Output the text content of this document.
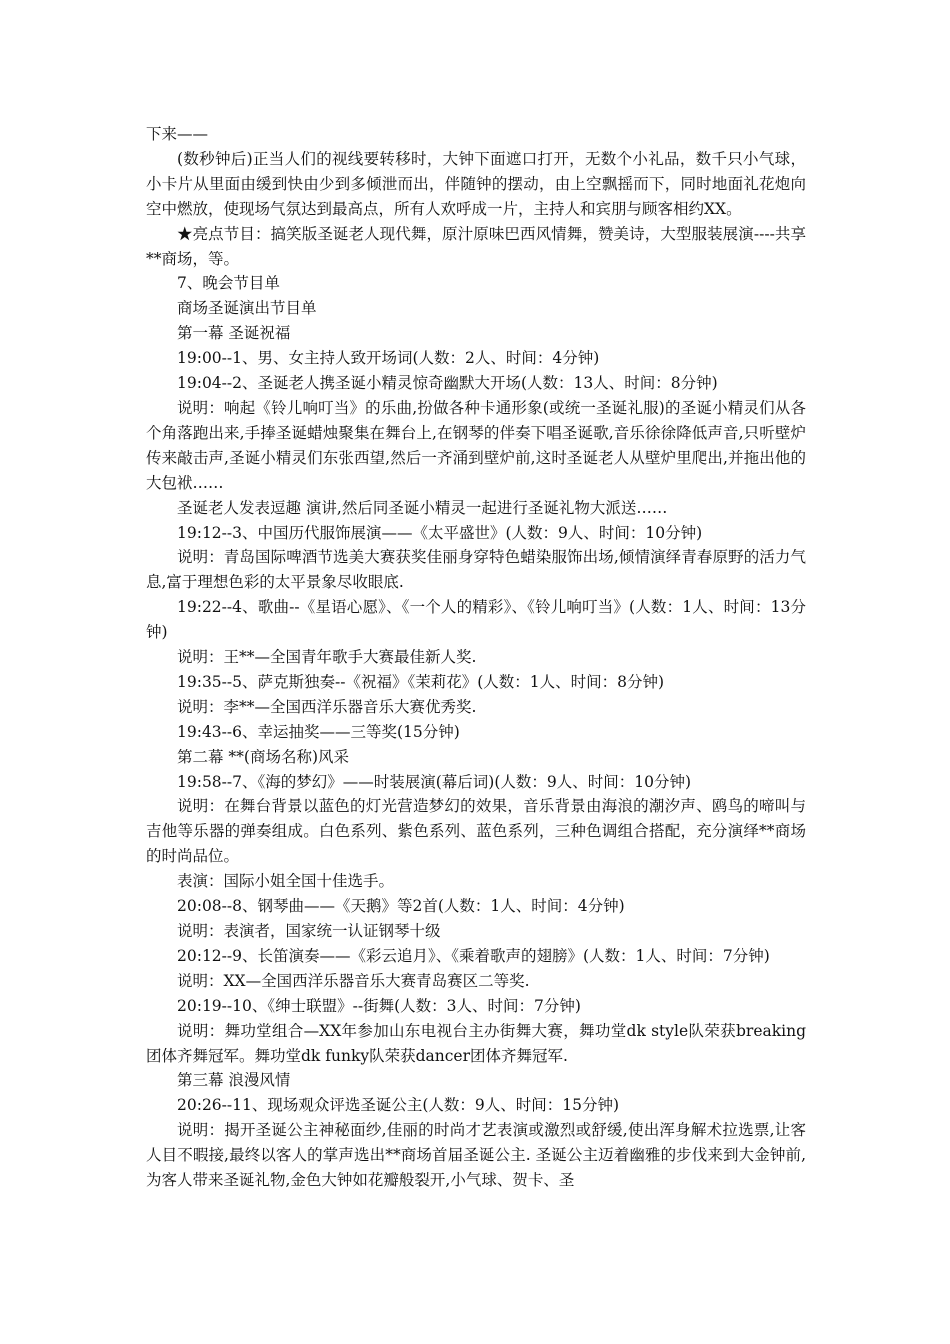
下来——

(数秒钟后)正当人们的视线要转移时，大钟下面遮口打开，无数个小礼品，数千只小气球，小卡片从里面由缓到快由少到多倾泄而出，伴随钟的摆动，由上空飘摇而下，同时地面礼花炮向空中燃放，使现场气氛达到最高点，所有人欢呼成一片，主持人和宾朋与顾客相约XX。

★亮点节目：搞笑版圣诞老人现代舞，原汁原味巴西风情舞，赞美诗，大型服装展演----共享**商场，等。

7、晚会节目单

商场圣诞演出节目单

第一幕 圣诞祝福

19:00--1、男、女主持人致开场词(人数：2人、时间：4分钟)

19:04--2、圣诞老人携圣诞小精灵惊奇幽默大开场(人数：13人、时间：8分钟)

说明：响起《铃儿响叮当》的乐曲,扮做各种卡通形象(或统一圣诞礼服)的圣诞小精灵们从各个角落跑出来,手捧圣诞蜡烛聚集在舞台上,在钢琴的伴奏下唱圣诞歌,音乐徐徐降低声音,只听壁炉传来敲击声,圣诞小精灵们东张西望,然后一齐涌到壁炉前,这时圣诞老人从壁炉里爬出,并拖出他的大包袱……

圣诞老人发表逗趣 演讲,然后同圣诞小精灵一起进行圣诞礼物大派送……

19:12--3、中国历代服饰展演——《太平盛世》(人数：9人、时间：10分钟)

说明：青岛国际啤酒节选美大赛获奖佳丽身穿特色蜡染服饰出场,倾情演绎青春原野的活力气息,富于理想色彩的太平景象尽收眼底.

19:22--4、歌曲--《星语心愿》、《一个人的精彩》、《铃儿响叮当》(人数：1人、时间：13分钟)

说明：王**—全国青年歌手大赛最佳新人奖.

19:35--5、萨克斯独奏--《祝福》《茉莉花》(人数：1人、时间：8分钟)

说明：李**—全国西洋乐器音乐大赛优秀奖.

19:43--6、幸运抽奖——三等奖(15分钟)

第二幕 **(商场名称)风采

19:58--7、《海的梦幻》——时装展演(幕后词)(人数：9人、时间：10分钟)

说明：在舞台背景以蓝色的灯光营造梦幻的效果，音乐背景由海浪的潮汐声、鸥鸟的啼叫与吉他等乐器的弹奏组成。白色系列、紫色系列、蓝色系列，三种色调组合搭配，充分演绎**商场的时尚品位。

表演：国际小姐全国十佳选手。

20:08--8、钢琴曲——《天鹅》等2首(人数：1人、时间：4分钟)

说明：表演者，国家统一认证钢琴十级

20:12--9、长笛演奏——《彩云追月》、《乘着歌声的翅膀》(人数：1人、时间：7分钟)

说明：XX—全国西洋乐器音乐大赛青岛赛区二等奖.

20:19--10、《绅士联盟》--街舞(人数：3人、时间：7分钟)

说明：舞功堂组合—XX年参加山东电视台主办街舞大赛，舞功堂dk style队荣获breaking团体齐舞冠军。舞功堂dk funky队荣获dancer团体齐舞冠军.

第三幕 浪漫风情

20:26--11、现场观众评选圣诞公主(人数：9人、时间：15分钟)

说明：揭开圣诞公主神秘面纱,佳丽的时尚才艺表演或激烈或舒缓,使出浑身解术拉选票,让客人目不暇接,最终以客人的掌声选出**商场首届圣诞公主. 圣诞公主迈着幽雅的步伐来到大金钟前,为客人带来圣诞礼物,金色大钟如花瓣般裂开,小气球、贺卡、圣
